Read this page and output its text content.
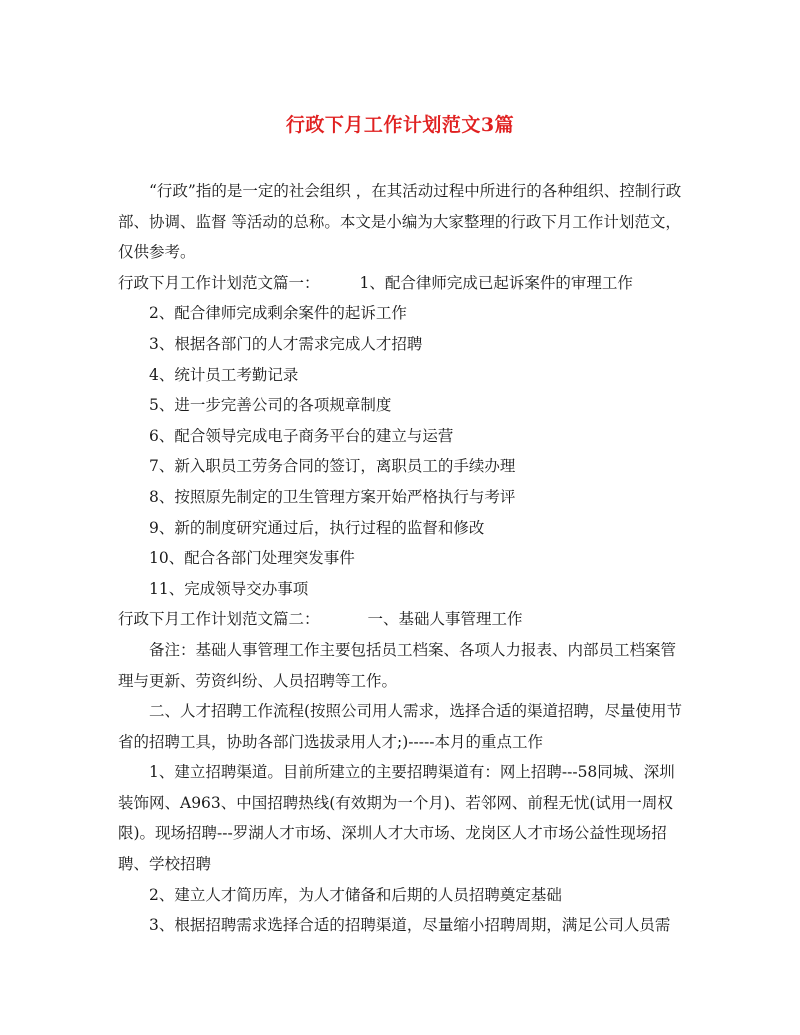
行政下月工作计划范文3篇

“行政”指的是一定的社会组织 ，在其活动过程中所进行的各种组织、控制行政部、协调、监督 等活动的总称。本文是小编为大家整理的行政下月工作计划范文，仅供参考。

行政下月工作计划范文篇一：	1、配合律师完成已起诉案件的审理工作

2、配合律师完成剩余案件的起诉工作

3、根据各部门的人才需求完成人才招聘

4、统计员工考勤记录

5、进一步完善公司的各项规章制度

6、配合领导完成电子商务平台的建立与运营

7、新入职员工劳务合同的签订，离职员工的手续办理

8、按照原先制定的卫生管理方案开始严格执行与考评

9、新的制度研究通过后，执行过程的监督和修改

10、配合各部门处理突发事件

11、完成领导交办事项

行政下月工作计划范文篇二：	一、基础人事管理工作

备注：基础人事管理工作主要包括员工档案、各项人力报表、内部员工档案管理与更新、劳资纠纷、人员招聘等工作。

二、人才招聘工作流程(按照公司用人需求，选择合适的渠道招聘，尽量使用节省的招聘工具，协助各部门选拔录用人才;)-----本月的重点工作

1、建立招聘渠道。目前所建立的主要招聘渠道有：网上招聘---58同城、深圳装饰网、A963、中国招聘热线(有效期为一个月)、若邻网、前程无忧(试用一周权限)。现场招聘---罗湖人才市场、深圳人才大市场、龙岗区人才市场公益性现场招聘、学校招聘

2、建立人才简历库，为人才储备和后期的人员招聘奠定基础

3、根据招聘需求选择合适的招聘渠道，尽量缩小招聘周期，满足公司人员需
